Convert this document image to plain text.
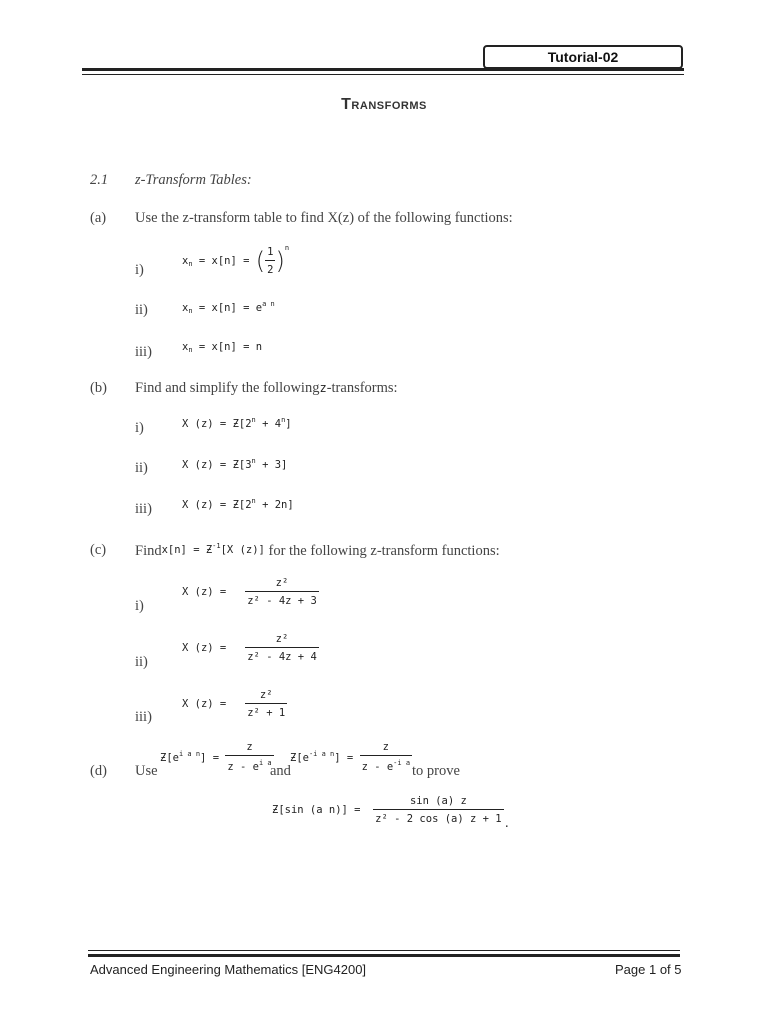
Tutorial-02
Transforms
2.1 z-Transform Tables:
(a) Use the z-transform table to find X(z) of the following functions:
i)
$x_n = x[n]$ = ( $\frac{1}{2} )^n$
ii)	$x_n = x[n] = e^{a n}$
iii)	$x_n = x[n] = n$
(b) Find and simplify the followingz-transforms:
i)	X $(z) = Ƶ[2^n + 4^n]$
ii)	X $(z) = Ƶ[3^n + 3]$
iii)	X $(z) = Ƶ[2^n + 2n]$
(c) Findx[n] = $Ƶ^{-1}[X$ (z)] for the following z-transform functions:
i)
X $(z) = \frac{\text{z²}}{\text{z² - 4z + 3}}$
ii)
X $(z) = \frac{\text{z²}}{\text{z² - 4z + 4}}$
iii)
X $(z) = \frac{\text{z²}}{\text{z² + 1}}$
(d) Use
$Ƶ[e^{i a n}] = \frac{z}{z - e^{i a}}$
and
$Ƶ[e^{-i a n}] = \frac{z}{z - e^{-i a}}$ to prove
Ƶ[sin (a $n)] = \frac{\sin (a) z}{\text{z² - 2 cos (a) z + 1}}$ .
Advanced Engineering Mathematics [ENG4200]	Page 1 of 5
